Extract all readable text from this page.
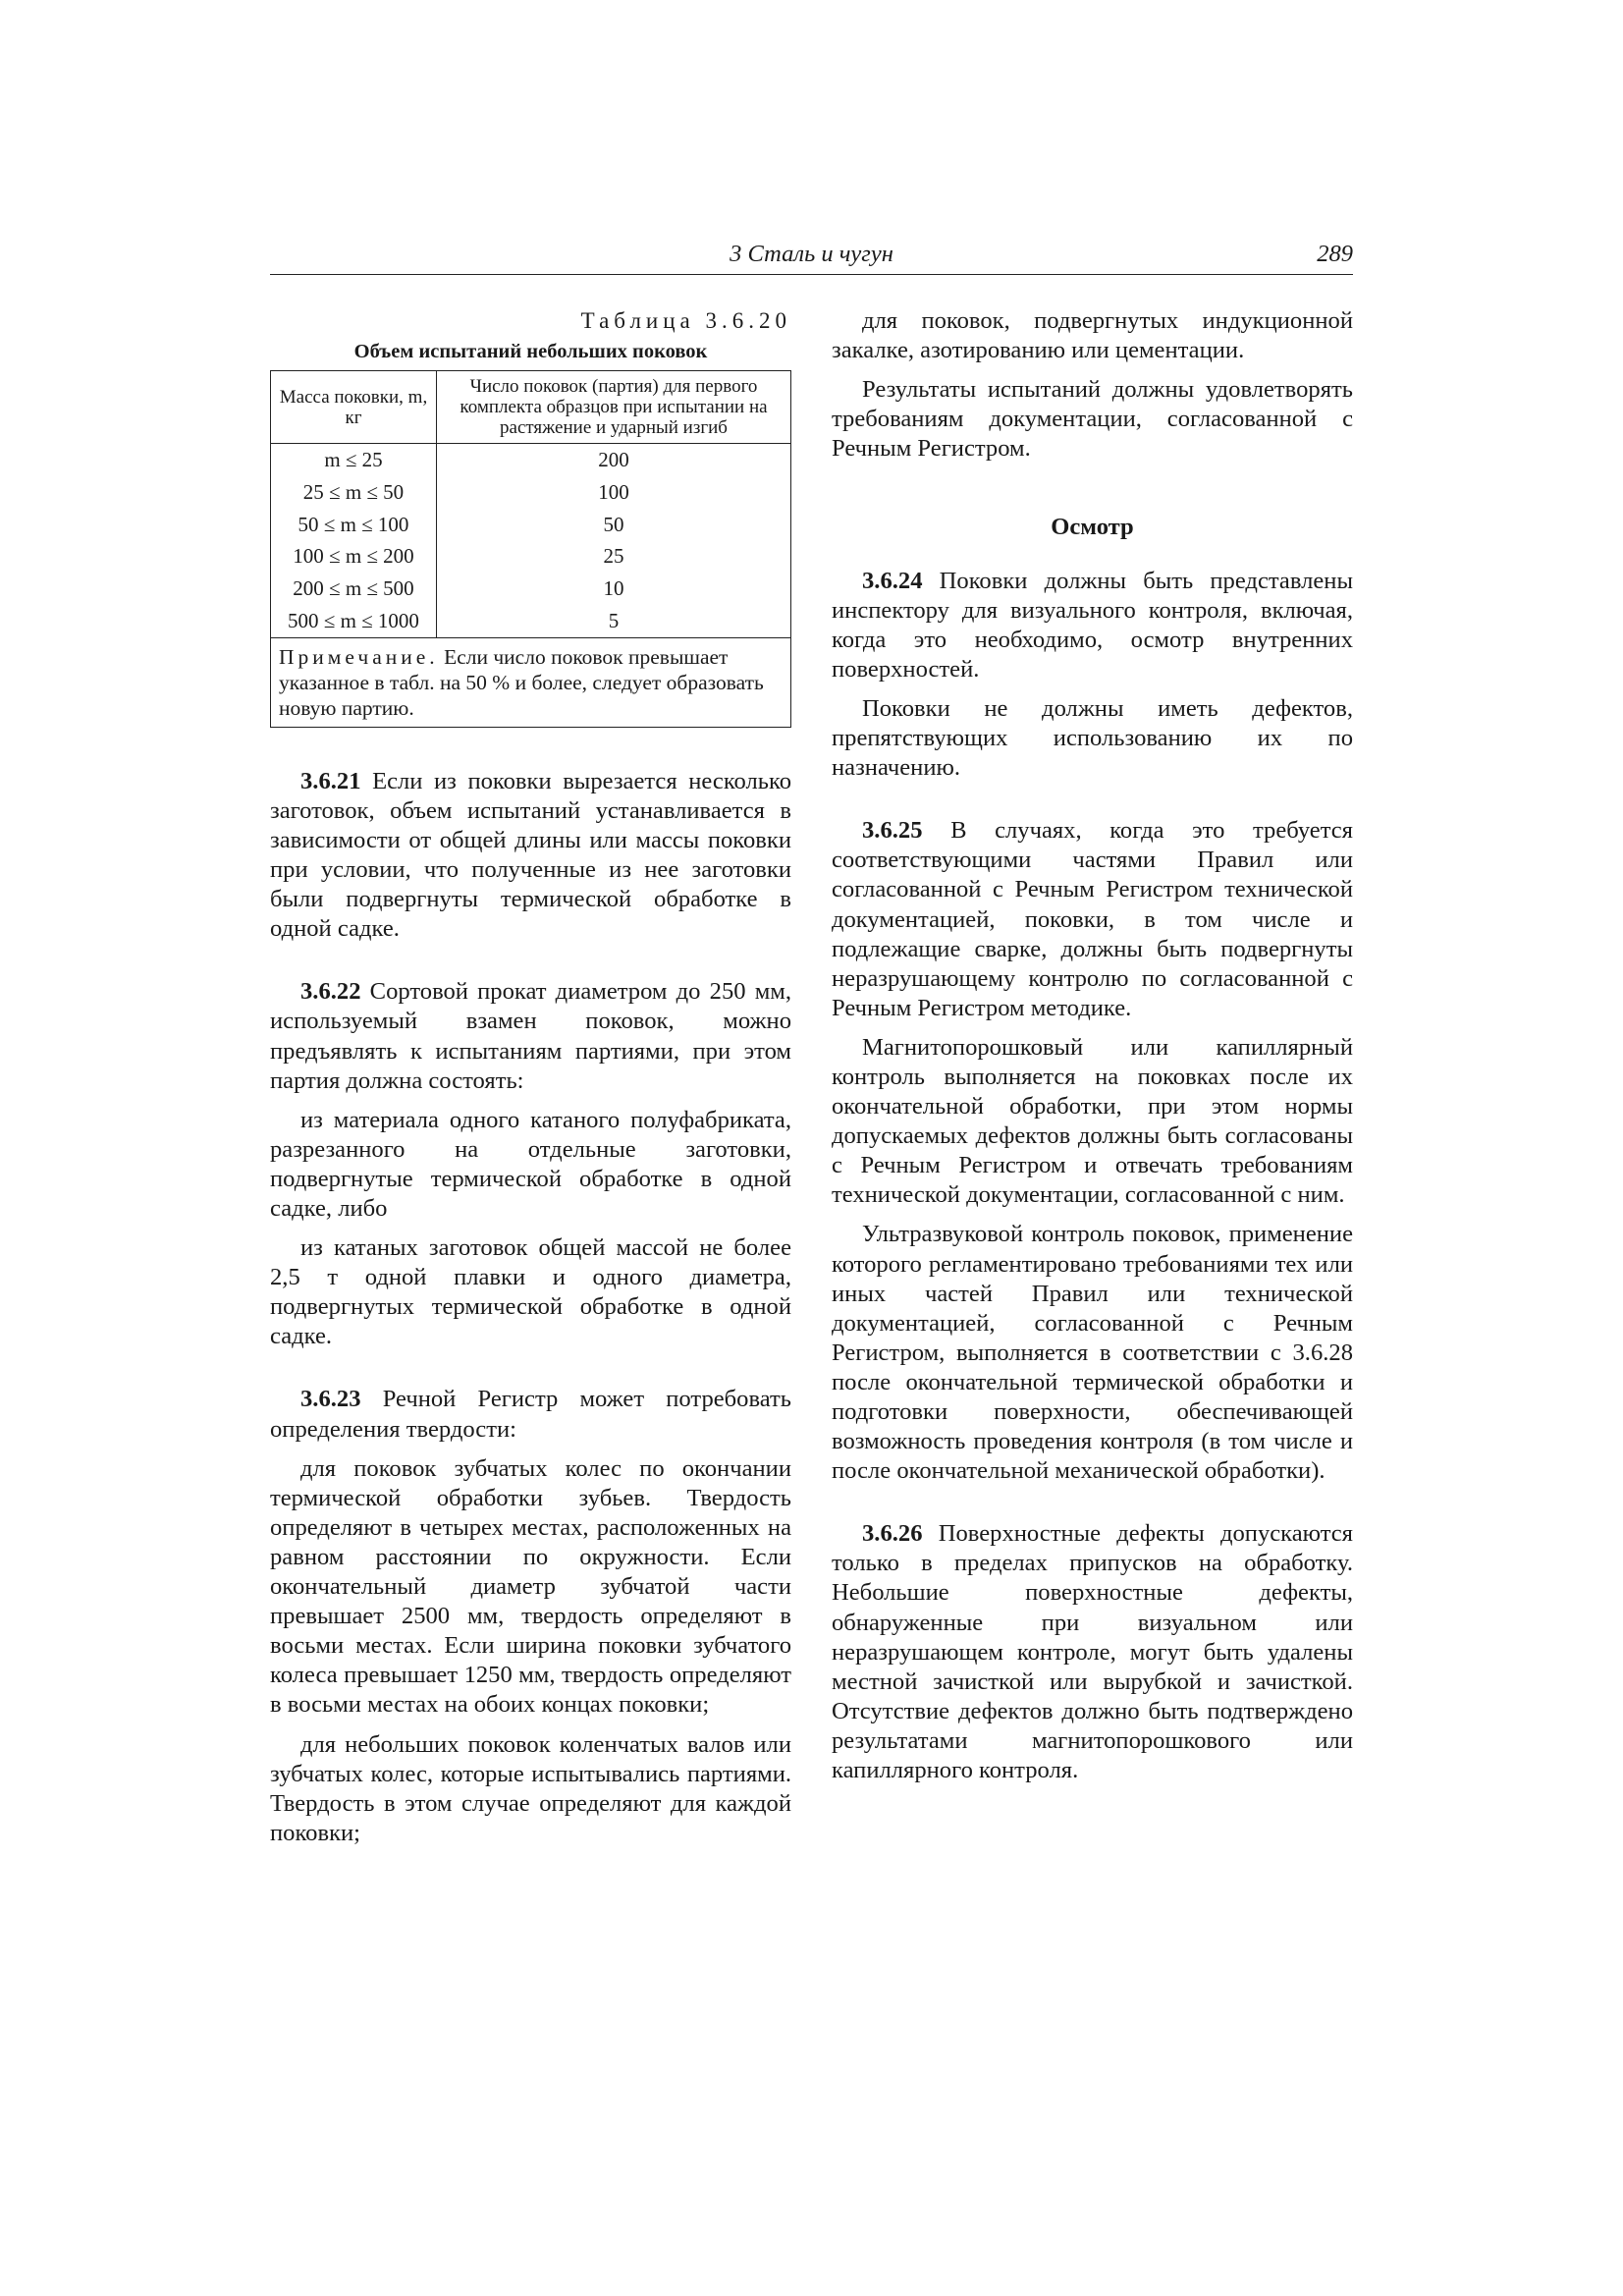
3 Сталь и чугун	289
Таблица 3.6.20
Объем испытаний небольших поковок
Масса поковки, m, кг	Число поковок (партия) для первого комплекта образцов при испытании на растяжение и ударный изгиб
m ≤ 25	200
25 ≤ m ≤ 50	100
50 ≤ m ≤ 100	50
100 ≤ m ≤ 200	25
200 ≤ m ≤ 500	10
500 ≤ m ≤ 1000	5
Примечание. Если число поковок превышает указанное в табл. на 50 % и более, следует образовать новую партию.	

3.6.21 Если из поковки вырезается несколько заготовок, объем испытаний устанавливается в зависимости от общей длины или массы поковки при условии, что полученные из нее заготовки были подвергнуты термической обработке в одной садке.

3.6.22 Сортовой прокат диаметром до 250 мм, используемый взамен поковок, можно предъявлять к испытаниям партиями, при этом партия должна состоять:

из материала одного катаного полуфабриката, разрезанного на отдельные заготовки, подвергнутые термической обработке в одной садке, либо

из катаных заготовок общей массой не более 2,5 т одной плавки и одного диаметра, подвергнутых термической обработке в одной садке.

3.6.23 Речной Регистр может потребовать определения твердости:

для поковок зубчатых колес по окончании термической обработки зубьев. Твердость определяют в четырех местах, расположенных на равном расстоянии по окружности. Если окончательный диаметр зубчатой части превышает 2500 мм, твердость определяют в восьми местах. Если ширина поковки зубчатого колеса превышает 1250 мм, твердость определяют в восьми местах на обоих концах поковки;

для небольших поковок коленчатых валов или зубчатых колес, которые испытывались партиями. Твердость в этом случае определяют для каждой поковки;

для поковок, подвергнутых индукционной закалке, азотированию или цементации.

Результаты испытаний должны удовлетворять требованиям документации, согласованной с Речным Регистром.

Осмотр

3.6.24 Поковки должны быть представлены инспектору для визуального контроля, включая, когда это необходимо, осмотр внутренних поверхностей.

Поковки не должны иметь дефектов, препятствующих использованию их по назначению.

3.6.25 В случаях, когда это требуется соответствующими частями Правил или согласованной с Речным Регистром технической документацией, поковки, в том числе и подлежащие сварке, должны быть подвергнуты неразрушающему контролю по согласованной с Речным Регистром методике.

Магнитопорошковый или капиллярный контроль выполняется на поковках после их окончательной обработки, при этом нормы допускаемых дефектов должны быть согласованы с Речным Регистром и отвечать требованиям технической документации, согласованной с ним.

Ультразвуковой контроль поковок, применение которого регламентировано требованиями тех или иных частей Правил или технической документацией, согласованной с Речным Регистром, выполняется в соответствии с 3.6.28 после окончательной термической обработки и подготовки поверхности, обеспечивающей возможность проведения контроля (в том числе и после окончательной механической обработки).

3.6.26 Поверхностные дефекты допускаются только в пределах припусков на обработку. Небольшие поверхностные дефекты, обнаруженные при визуальном или неразрушающем контроле, могут быть удалены местной зачисткой или вырубкой и зачисткой. Отсутствие дефектов должно быть подтверждено результатами магнитопорошкового или капиллярного контроля.
